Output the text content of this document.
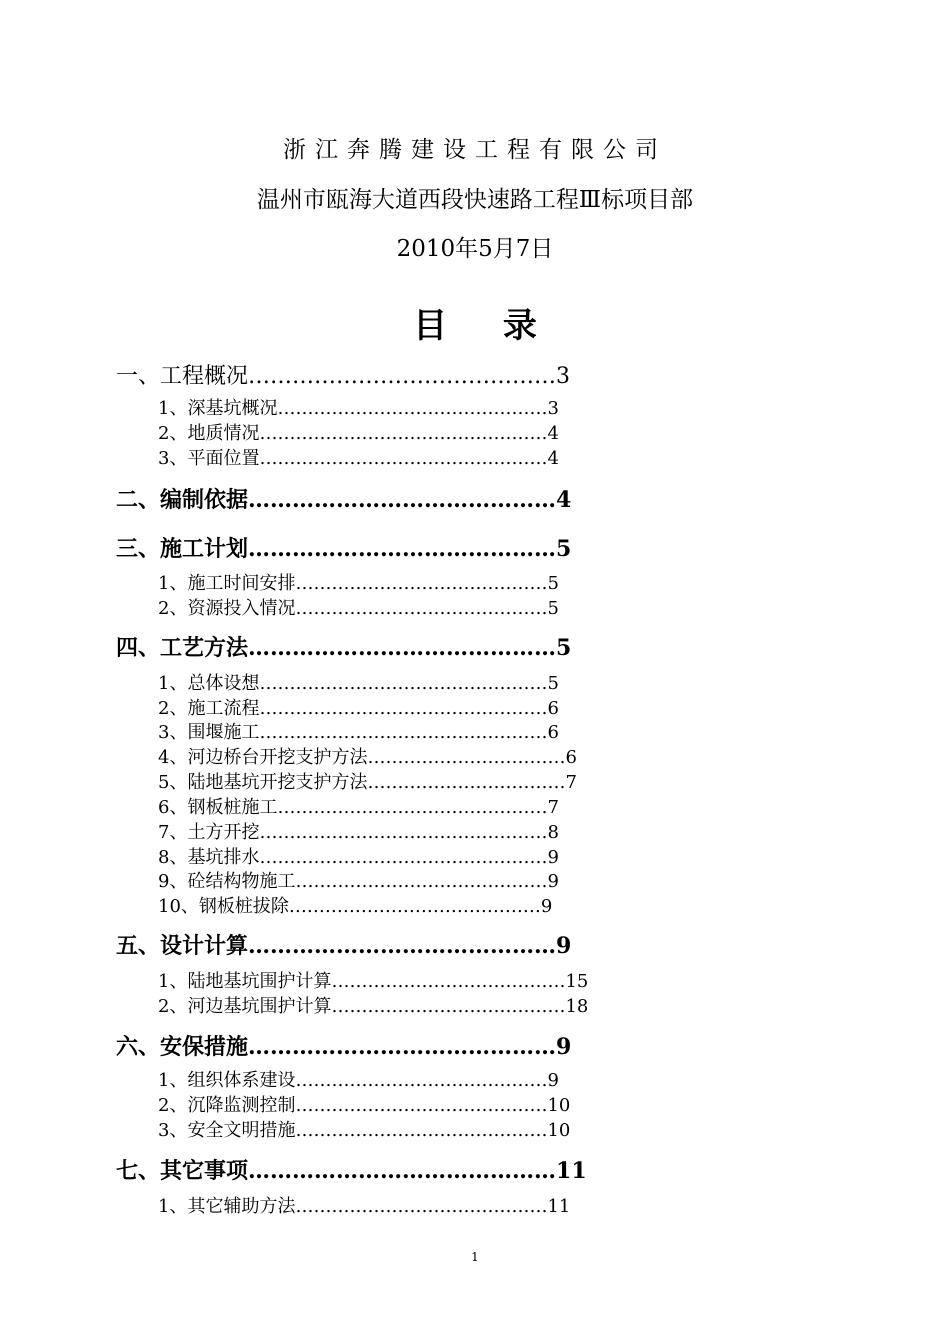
浙江奔腾建设工程有限公司
温州市瓯海大道西段快速路工程Ⅲ标项目部
2010年5月7日
目 录
一、工程概况……………………………………3
1、深基坑概况………………………………………3
2、地质情况…………………………………………4
3、平面位置…………………………………………4
二、编制依据……………………………………4
三、施工计划……………………………………5
1、施工时间安排……………………………………5
2、资源投入情况……………………………………5
四、工艺方法……………………………………5
1、总体设想…………………………………………5
2、施工流程…………………………………………6
3、围堰施工…………………………………………6
4、河边桥台开挖支护方法……………………………6
5、陆地基坑开挖支护方法……………………………7
6、钢板桩施工………………………………………7
7、土方开挖…………………………………………8
8、基坑排水…………………………………………9
9、砼结构物施工……………………………………9
10、钢板桩拔除……………………………………9
五、设计计算……………………………………9
1、陆地基坑围护计算…………………………………15
2、河边基坑围护计算…………………………………18
六、安保措施……………………………………9
1、组织体系建设……………………………………9
2、沉降监测控制……………………………………10
3、安全文明措施……………………………………10
七、其它事项……………………………………11
1、其它辅助方法……………………………………11
1
